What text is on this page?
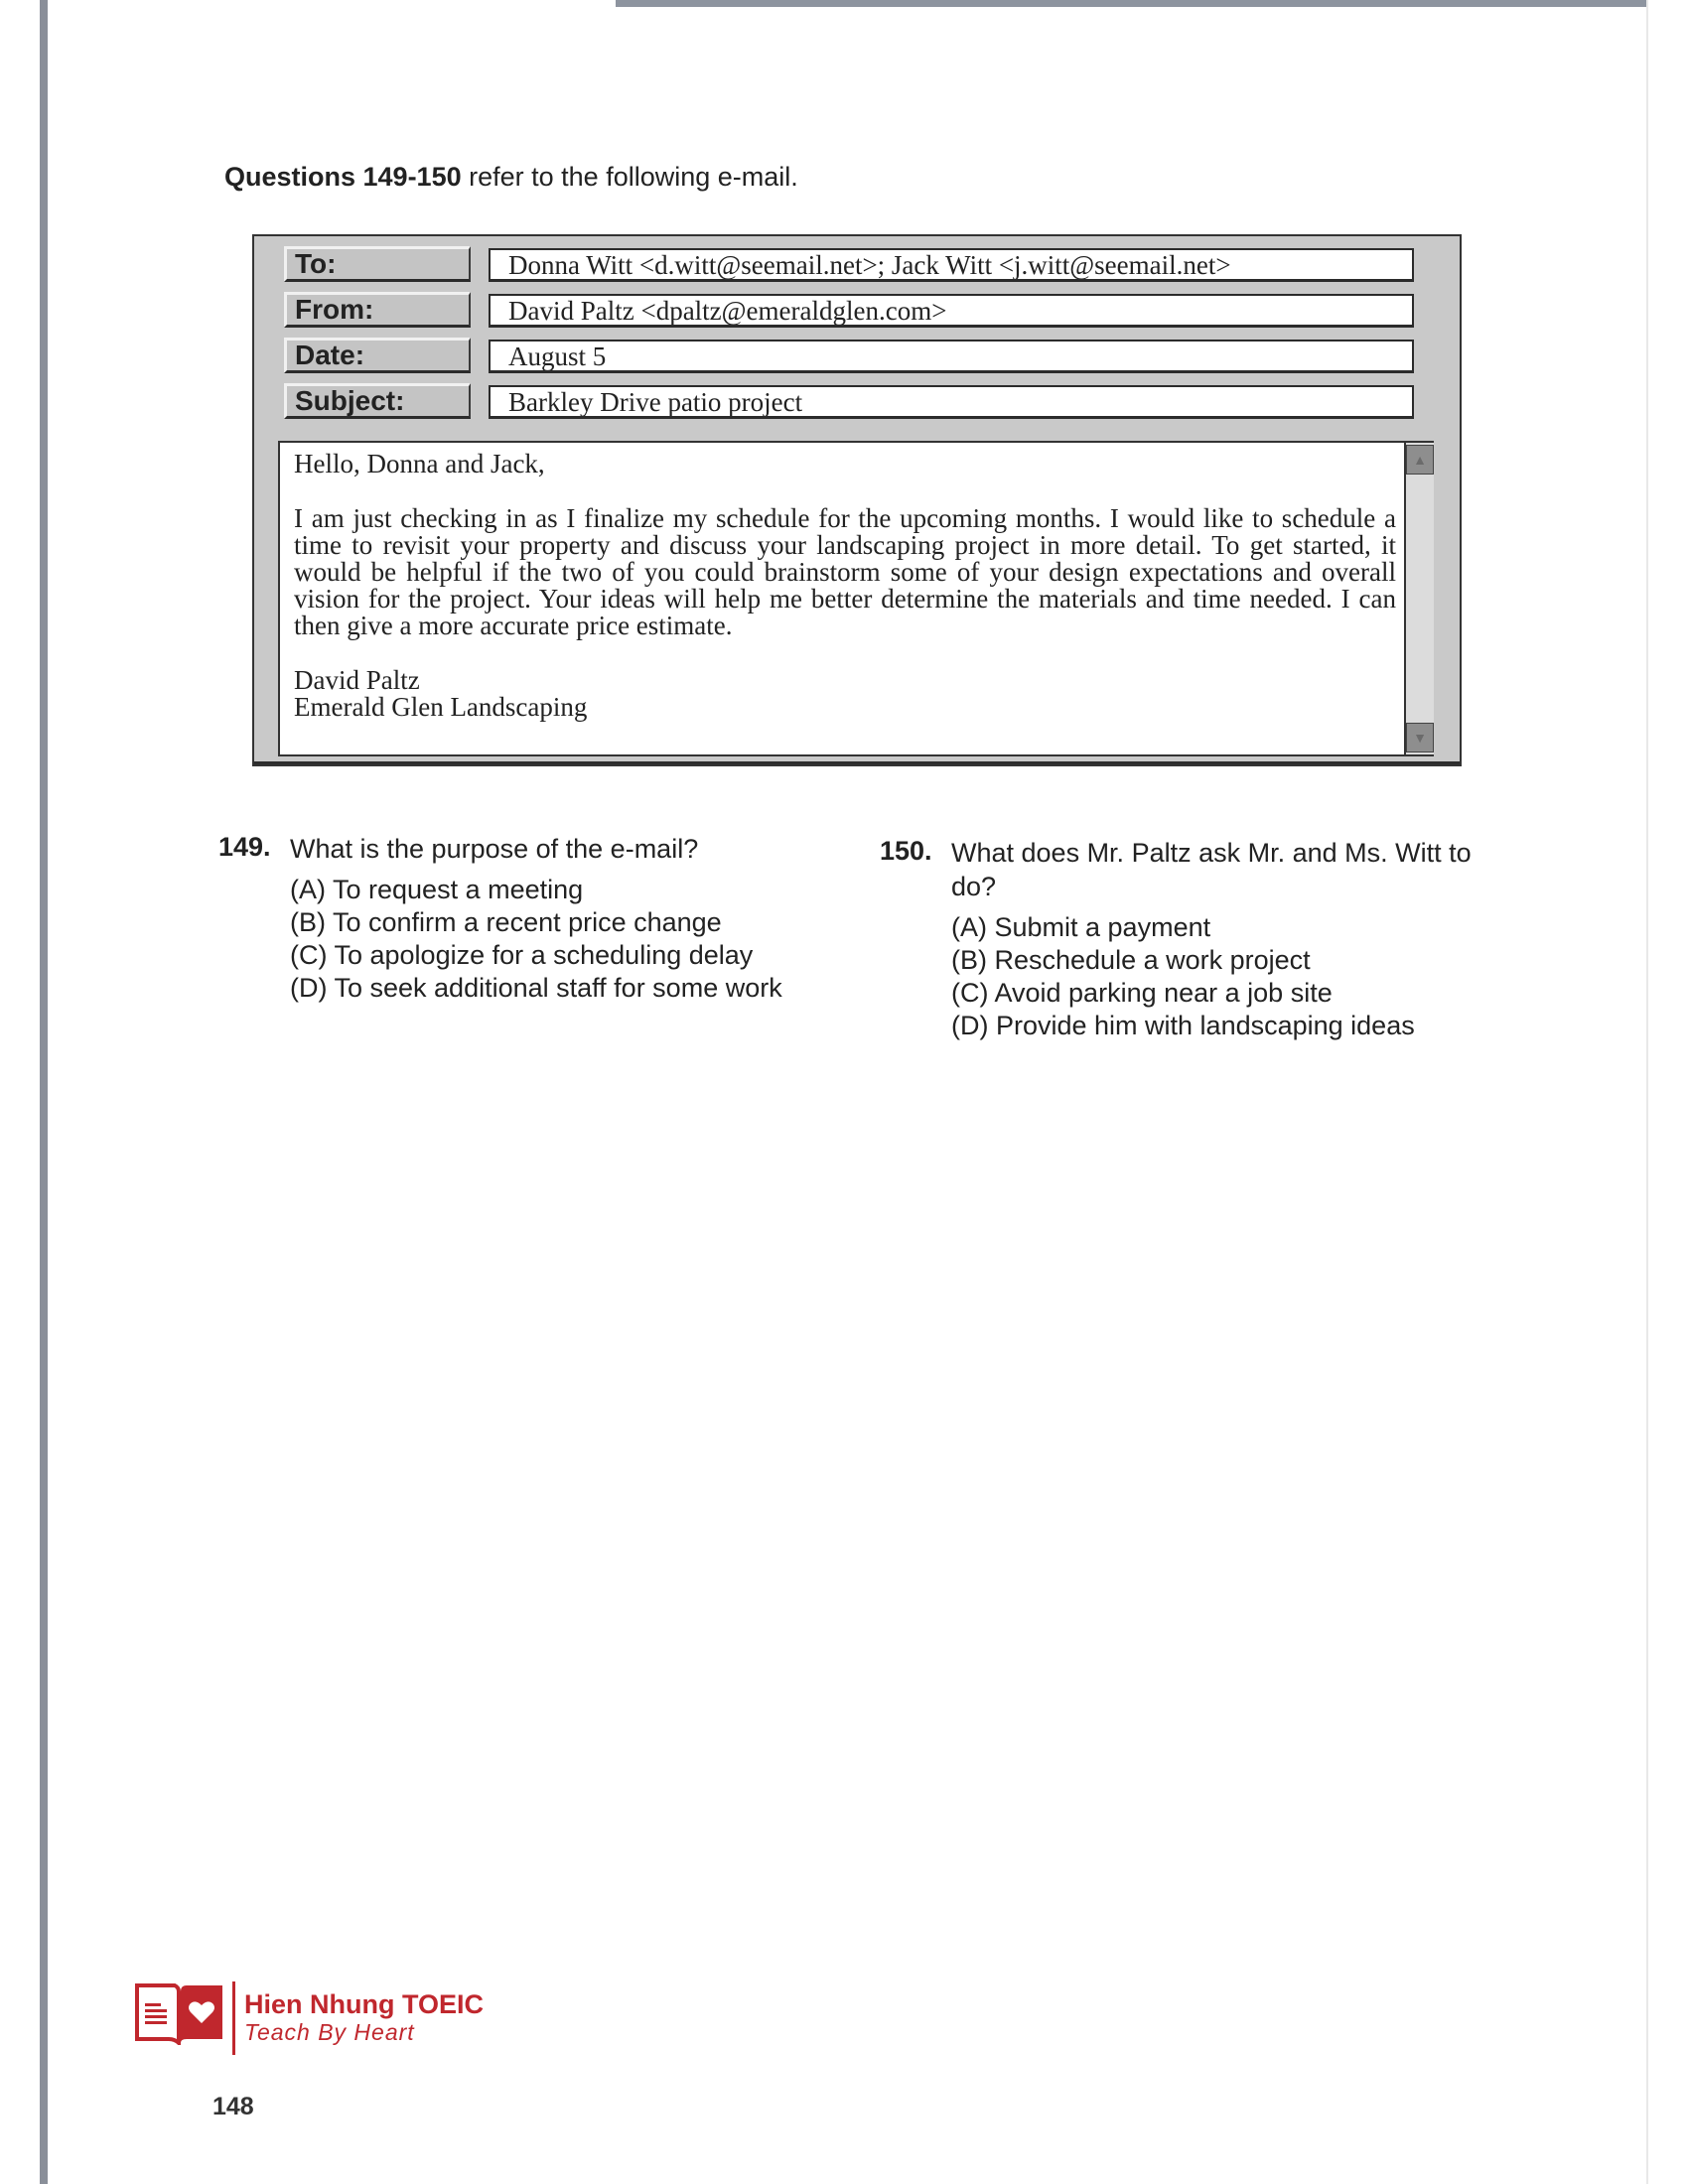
Questions 149-150 refer to the following e-mail.
To:	Donna Witt <d.witt@seemail.net>; Jack Witt <j.witt@seemail.net>
From:	David Paltz <dpaltz@emeraldglen.com>
Date:	August 5
Subject:	Barkley Drive patio project

Hello, Donna and Jack,

I am just checking in as I finalize my schedule for the upcoming months. I would like to schedule a time to revisit your property and discuss your landscaping project in more detail. To get started, it would be helpful if the two of you could brainstorm some of your design expectations and overall vision for the project. Your ideas will help me better determine the materials and time needed. I can then give a more accurate price estimate.

David Paltz

Emerald Glen Landscaping

▲
▼
149. What is the purpose of the e-mail?
(A) To request a meeting
(B) To confirm a recent price change
(C) To apologize for a scheduling delay
(D) To seek additional staff for some work
150. What does Mr. Paltz ask Mr. and Ms. Witt to do?
(A) Submit a payment
(B) Reschedule a work project
(C) Avoid parking near a job site
(D) Provide him with landscaping ideas
Hien Nhung TOEIC
Teach By Heart
148
